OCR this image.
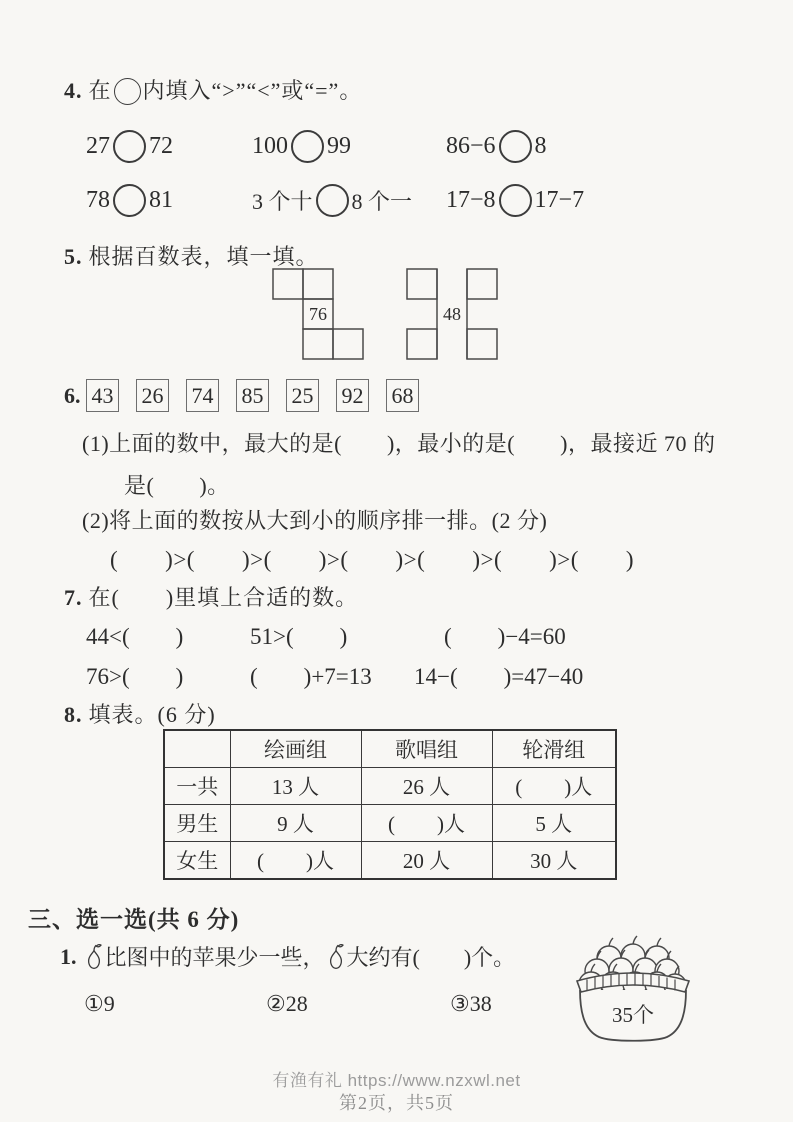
4. 在 内填入“>”“<”或“=”。
27 72	100 99	86−6 8
78 81	3 个十 8 个一 17−8 17−7
5. 根据百数表，填一填。
76	48
6. 43 26 74 85 25 92 68
(1)上面的数中，最大的是(　　)，最小的是(　　)，最接近 70 的
是(　　)。
(2)将上面的数按从大到小的顺序排一排。(2 分)
(　　)>(　　)>(　　)>(　　)>(　　)>(　　)>(　　)
7. 在(　　)里填上合适的数。
44<(　　)	51>(　　)	(　　)−4=60
76>(　　)	(　　)+7=13 14−(　　)=47−40
8. 填表。(6 分)
	绘画组	歌唱组	轮滑组
一共	13 人	26 人	(　　)人
男生	9 人	(　　)人	5 人
女生	(　　)人	20 人	30 人
三、选一选(共 6 分)
1. 比图中的苹果少一些， 大约有(　　)个。
①9	②28	③38	35个
有渔有礼 https://www.nzxwl.net
第2页，共5页
